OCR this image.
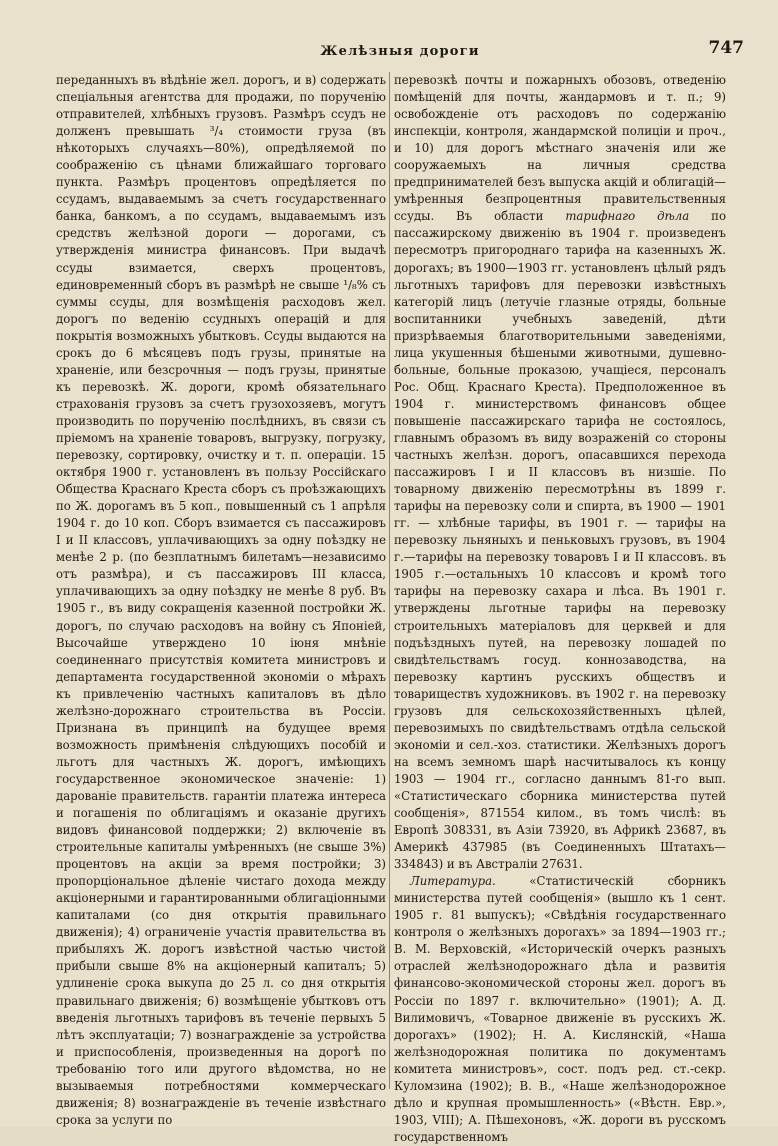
Желѣзныя дороги	747

переданныхъ въ вѣдѣніе жел. дорогъ, и в) содержать спеціальныя агентства для продажи, по порученію отправителей, хлѣбныхъ грузовъ. Размѣръ ссудъ не долженъ превышать ³/₄ стоимости груза (въ нѣкоторыхъ случаяхъ—80%), опредѣляемой по соображенію съ цѣнами ближайшаго торговаго пункта. Размѣръ процентовъ опредѣляется по ссудамъ, выдаваемымъ за счетъ государственнаго банка, банкомъ, а по ссудамъ, выдаваемымъ изъ средствъ желѣзной дороги — дорогами, съ утвержденія министра финансовъ. При выдачѣ ссуды взимается, сверхъ процентовъ, единовременный сборъ въ размѣрѣ не свыше ¹/₈% съ суммы ссуды, для возмѣщенія расходовъ жел. дорогъ по веденію ссудныхъ операцій и для покрытія возможныхъ убытковъ. Ссуды выдаются на срокъ до 6 мѣсяцевъ подъ грузы, принятые на храненіе, или безсрочныя — подъ грузы, принятые къ перевозкѣ. Ж. дороги, кромѣ обязательнаго страхованія грузовъ за счетъ грузохозяевъ, могутъ производить по порученію послѣднихъ, въ связи съ пріемомъ на храненіе товаровъ, выгрузку, погрузку, перевозку, сортировку, очистку и т. п. операціи. 15 октября 1900 г. установленъ въ пользу Россійскаго Общества Краснаго Креста сборъ съ проѣзжающихъ по Ж. дорогамъ въ 5 коп., повышенный съ 1 апрѣля 1904 г. до 10 коп. Сборъ взимается съ пассажировъ I и II классовъ, уплачивающихъ за одну поѣздку не менѣе 2 р. (по безплатнымъ билетамъ—независимо отъ размѣра), и съ пассажировъ III класса, уплачивающихъ за одну поѣздку не менѣе 8 руб. Въ 1905 г., въ виду сокращенія казенной постройки Ж. дорогъ, по случаю расходовъ на войну съ Японіей, Высочайше утверждено 10 іюня мнѣніе соединеннаго присутствія комитета министровъ и департамента государственной экономіи о мѣрахъ къ привлеченію частныхъ капиталовъ въ дѣло желѣзно-дорожнаго строительства въ Россіи. Признана въ принципѣ на будущее время возможность примѣненія слѣдующихъ пособій и льготъ для частныхъ Ж. дорогъ, имѣющихъ государственное экономическое значеніе: 1) дарованіе правительств. гарантіи платежа интереса и погашенія по облигаціямъ и оказаніе другихъ видовъ финансовой поддержки; 2) включеніе въ строительные капиталы умѣренныхъ (не свыше 3%) процентовъ на акціи за время постройки; 3) пропорціональное дѣленіе чистаго дохода между акціонерными и гарантированными облигаціонными капиталами (со дня открытія правильнаго движенія); 4) ограниченіе участія правительства въ прибыляхъ Ж. дорогъ извѣстной частью чистой прибыли свыше 8% на акціонерный капиталъ; 5) удлиненіе срока выкупа до 25 л. со дня открытія правильнаго движенія; 6) возмѣщеніе убытковъ отъ введенія льготныхъ тарифовъ въ теченіе первыхъ 5 лѣтъ эксплуатаціи; 7) вознагражденіе за устройства и приспособленія, произведенныя на дорогѣ по требованію того или другого вѣдомства, но не вызываемыя потребностями коммерческаго движенія; 8) вознагражденіе въ теченіе извѣстнаго срока за услуги по

перевозкѣ почты и пожарныхъ обозовъ, отведенію помѣщеній для почты, жандармовъ и т. п.; 9) освобожденіе отъ расходовъ по содержанію инспекціи, контроля, жандармской полиціи и проч., и 10) для дорогъ мѣстнаго значенія или же сооружаемыхъ на личныя средства предпринимателей безъ выпуска акцій и облигацій—умѣренныя безпроцентныя правительственныя ссуды. Въ области тарифнаго дѣла по пассажирскому движенію въ 1904 г. произведенъ пересмотръ пригороднаго тарифа на казенныхъ Ж. дорогахъ; въ 1900—1903 гг. установленъ цѣлый рядъ льготныхъ тарифовъ для перевозки извѣстныхъ категорій лицъ (летучіе глазные отряды, больные воспитанники учебныхъ заведеній, дѣти призрѣваемыя благотворительными заведеніями, лица укушенныя бѣшеными животными, душевно-больные, больные проказою, учащіеся, персоналъ Рос. Общ. Краснаго Креста). Предположенное въ 1904 г. министерствомъ финансовъ общее повышеніе пассажирскаго тарифа не состоялось, главнымъ образомъ въ виду возраженій со стороны частныхъ желѣзн. дорогъ, опасавшихся перехода пассажировъ I и II классовъ въ низшіе. По товарному движенію пересмотрѣны въ 1899 г. тарифы на перевозку соли и спирта, въ 1900 — 1901 гг. — хлѣбные тарифы, въ 1901 г. — тарифы на перевозку льняныхъ и пеньковыхъ грузовъ, въ 1904 г.—тарифы на перевозку товаровъ I и II классовъ. въ 1905 г.—остальныхъ 10 классовъ и кромѣ того тарифы на перевозку сахара и лѣса. Въ 1901 г. утверждены льготные тарифы на перевозку строительныхъ матеріаловъ для церквей и для подъѣздныхъ путей, на перевозку лошадей по свидѣтельствамъ госуд. коннозаводства, на перевозку картинъ русскихъ обществъ и товариществъ художниковъ. въ 1902 г. на перевозку грузовъ для сельскохозяйственныхъ цѣлей, перевозимыхъ по свидѣтельствамъ отдѣла сельской экономіи и сел.-хоз. статистики. Желѣзныхъ дорогъ на всемъ земномъ шарѣ насчитывалось къ концу 1903 — 1904 гг., согласно даннымъ 81-го вып. «Статистическаго сборника министерства путей сообщенія», 871554 килом., въ томъ числѣ: въ Европѣ 308331, въ Азіи 73920, въ Африкѣ 23687, въ Америкѣ 437985 (въ Соединенныхъ Штатахъ—334843) и въ Австраліи 27631.

Литература. «Статистическій сборникъ министерства путей сообщенія» (вышло къ 1 сент. 1905 г. 81 выпускъ); «Свѣдѣнія государственнаго контроля о желѣзныхъ дорогахъ» за 1894—1903 гг.; В. М. Верховскій, «Историческій очеркъ разныхъ отраслей желѣзнодорожнаго дѣла и развитія финансово-экономической стороны жел. дорогъ въ Россіи по 1897 г. включительно» (1901); А. Д. Вилимовичъ, «Товарное движеніе въ русскихъ Ж. дорогахъ» (1902); Н. А. Кислянскій, «Наша желѣзнодорожная политика по документамъ комитета министровъ», сост. подъ ред. ст.-секр. Куломзина (1902); В. В., «Наше желѣзнодорожное дѣло и крупная промышленность» («Вѣстн. Евр.», 1903, VIII); А. Пѣшехоновъ, «Ж. дороги въ русскомъ государственномъ
